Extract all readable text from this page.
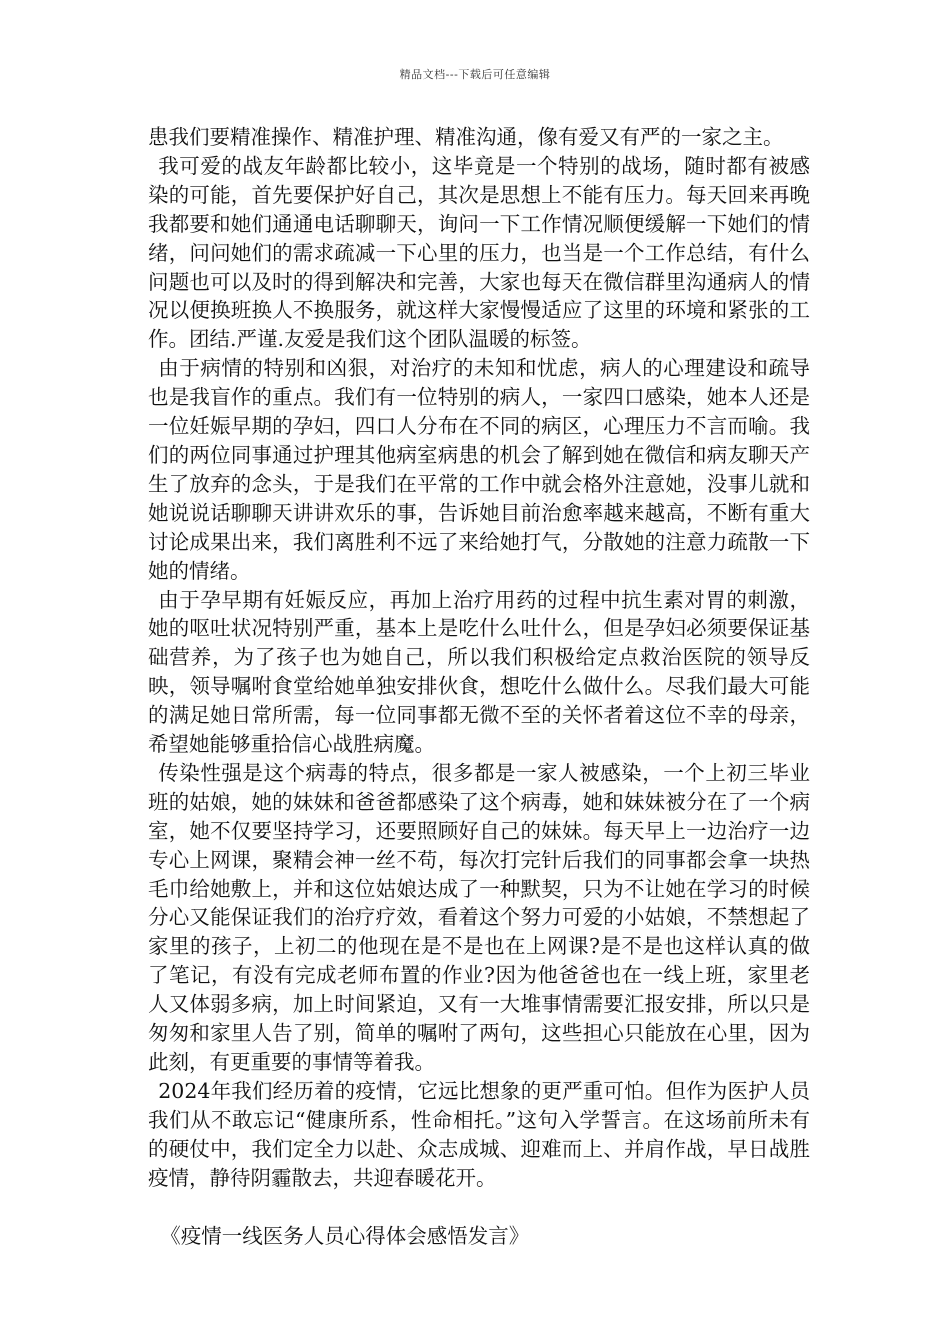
精品文档---下载后可任意编辑

患我们要精准操作、精准护理、精准沟通，像有爱又有严的一家之主。

我可爱的战友年龄都比较小，这毕竟是一个特别的战场，随时都有被感染的可能，首先要保护好自己，其次是思想上不能有压力。每天回来再晚我都要和她们通通电话聊聊天，询问一下工作情况顺便缓解一下她们的情绪，问问她们的需求疏减一下心里的压力，也当是一个工作总结，有什么问题也可以及时的得到解决和完善，大家也每天在微信群里沟通病人的情况以便换班换人不换服务，就这样大家慢慢适应了这里的环境和紧张的工作。团结.严谨.友爱是我们这个团队温暖的标签。

由于病情的特别和凶狠，对治疗的未知和忧虑，病人的心理建设和疏导也是我盲作的重点。我们有一位特别的病人，一家四口感染，她本人还是一位妊娠早期的孕妇，四口人分布在不同的病区，心理压力不言而喻。我们的两位同事通过护理其他病室病患的机会了解到她在微信和病友聊天产生了放弃的念头，于是我们在平常的工作中就会格外注意她，没事儿就和她说说话聊聊天讲讲欢乐的事，告诉她目前治愈率越来越高，不断有重大讨论成果出来，我们离胜利不远了来给她打气，分散她的注意力疏散一下她的情绪。

由于孕早期有妊娠反应，再加上治疗用药的过程中抗生素对胃的刺激，她的呕吐状况特别严重，基本上是吃什么吐什么，但是孕妇必须要保证基础营养，为了孩子也为她自己，所以我们积极给定点救治医院的领导反映，领导嘱咐食堂给她单独安排伙食，想吃什么做什么。尽我们最大可能的满足她日常所需，每一位同事都无微不至的关怀者着这位不幸的母亲，希望她能够重拾信心战胜病魔。

传染性强是这个病毒的特点，很多都是一家人被感染，一个上初三毕业班的姑娘，她的妹妹和爸爸都感染了这个病毒，她和妹妹被分在了一个病室，她不仅要坚持学习，还要照顾好自己的妹妹。每天早上一边治疗一边专心上网课，聚精会神一丝不苟，每次打完针后我们的同事都会拿一块热毛巾给她敷上，并和这位姑娘达成了一种默契，只为不让她在学习的时候分心又能保证我们的治疗疗效，看着这个努力可爱的小姑娘，不禁想起了家里的孩子，上初二的他现在是不是也在上网课?是不是也这样认真的做了笔记，有没有完成老师布置的作业?因为他爸爸也在一线上班，家里老人又体弱多病，加上时间紧迫，又有一大堆事情需要汇报安排，所以只是匆匆和家里人告了别，简单的嘱咐了两句，这些担心只能放在心里，因为此刻，有更重要的事情等着我。

2024年我们经历着的疫情，它远比想象的更严重可怕。但作为医护人员我们从不敢忘记“健康所系，性命相托。”这句入学誓言。在这场前所未有的硬仗中，我们定全力以赴、众志成城、迎难而上、并肩作战，早日战胜疫情，静待阴霾散去，共迎春暖花开。

《疫情一线医务人员心得体会感悟发言》
